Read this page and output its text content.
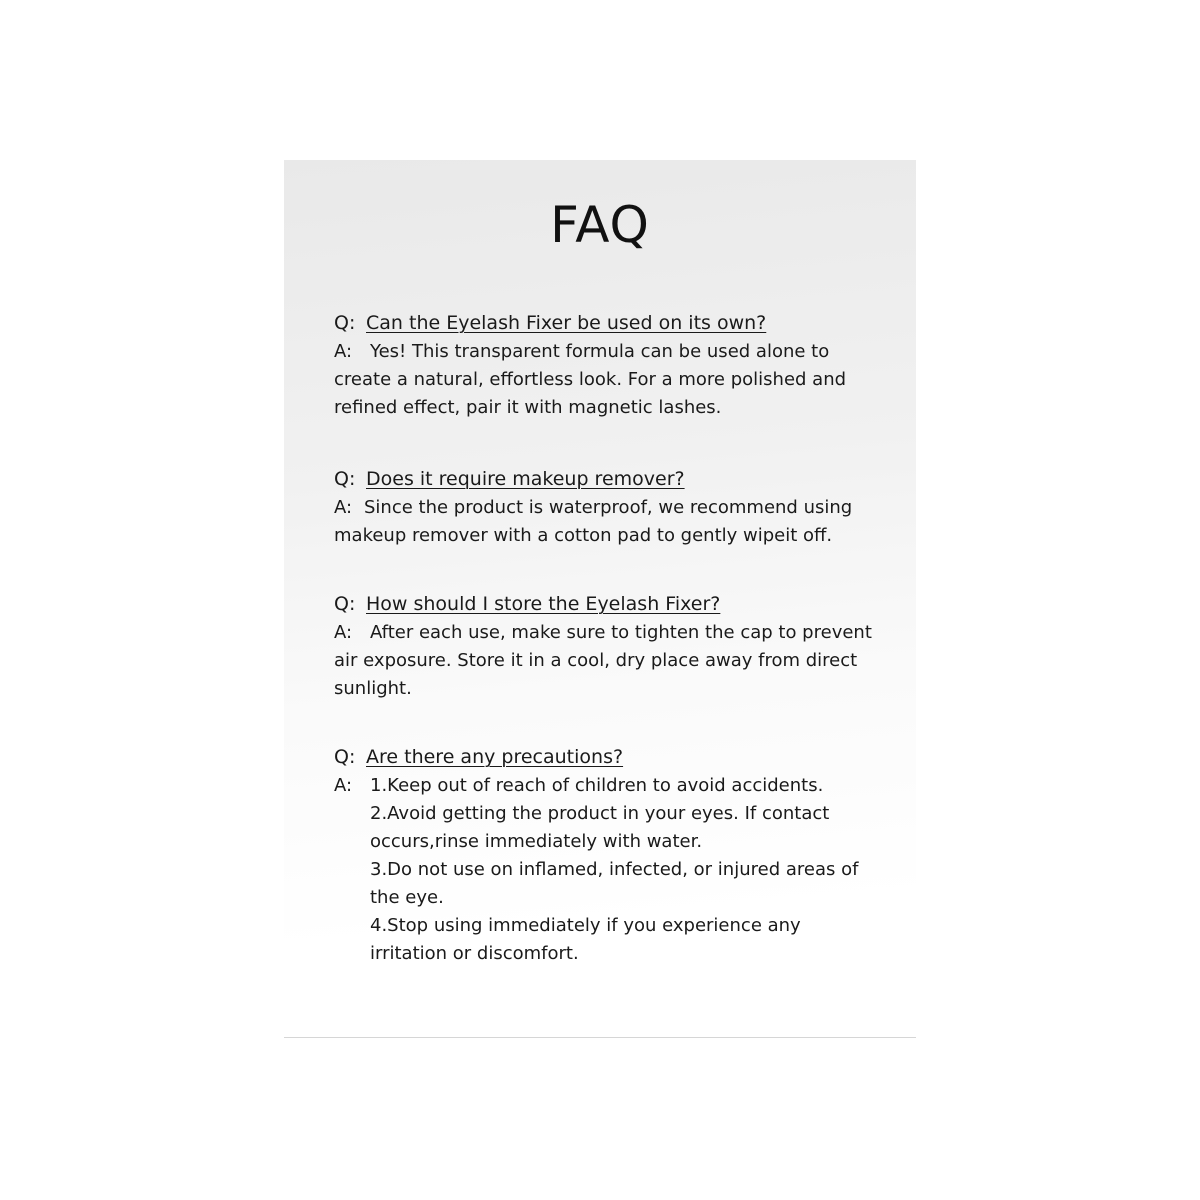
FAQ
Q: Can the Eyelash Fixer be used on its own?
A: Yes! This transparent formula can be used alone to create a natural, effortless look. For a more polished and refined effect, pair it with magnetic lashes.
Q: Does it require makeup remover?
A: Since the product is waterproof, we recommend using makeup remover with a cotton pad to gently wipeit off.
Q: How should I store the Eyelash Fixer?
A: After each use, make sure to tighten the cap to prevent air exposure. Store it in a cool, dry place away from direct sunlight.
Q: Are there any precautions?
A: 1.Keep out of reach of children to avoid accidents.
2.Avoid getting the product in your eyes. If contact occurs,rinse immediately with water.
3.Do not use on inflamed, infected, or injured areas of the eye.
4.Stop using immediately if you experience any irritation or discomfort.
